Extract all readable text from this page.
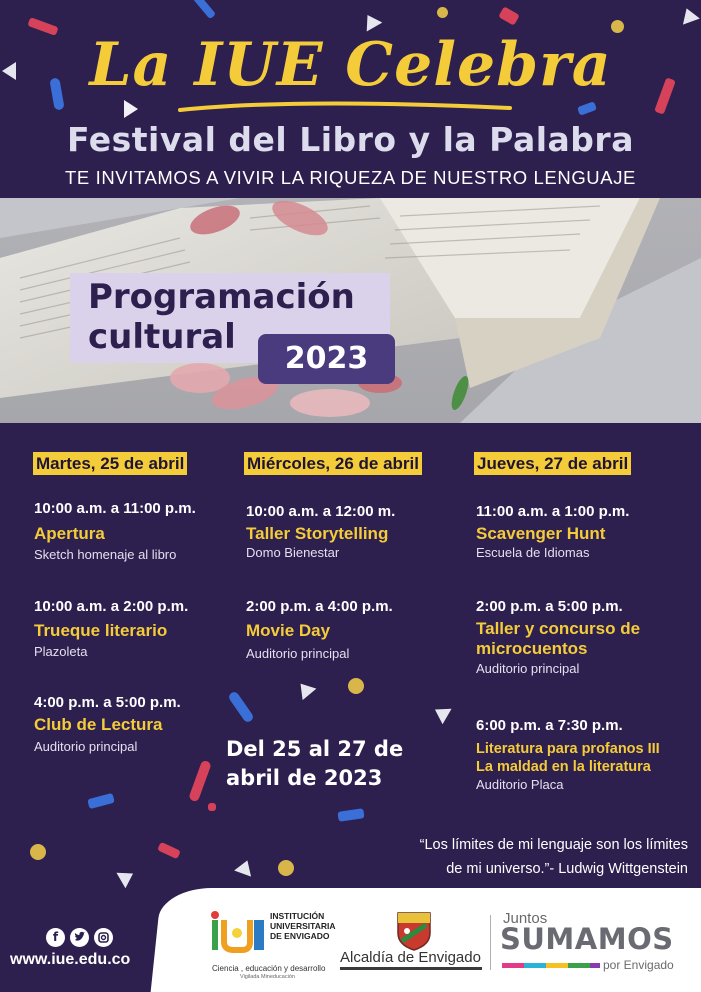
La IUE Celebra
Festival del Libro y la Palabra
TE INVITAMOS A VIVIR LA RIQUEZA DE NUESTRO LENGUAJE
Programación
cultural
2023
Martes, 25 de abril
10:00 a.m. a 11:00 p.m.
Apertura
Sketch homenaje al libro
10:00 a.m. a 2:00 p.m.
Trueque literario
Plazoleta
4:00 p.m. a 5:00 p.m.
Club de Lectura
Auditorio principal
Miércoles, 26 de abril
10:00 a.m. a 12:00 m.
Taller Storytelling
Domo Bienestar
2:00 p.m. a 4:00 p.m.
Movie Day
Auditorio principal
Jueves, 27 de abril
11:00 a.m. a 1:00 p.m.
Scavenger Hunt
Escuela de Idiomas
2:00 p.m. a 5:00 p.m.
Taller y concurso de
microcuentos
Auditorio principal
6:00 p.m. a 7:30 p.m.
Literatura para profanos III
La maldad en la literatura
Auditorio Placa
Del 25 al 27 de
abril de 2023
“Los límites de mi lenguaje son los límites
de mi universo.”- Ludwig Wittgenstein
f
www.iue.edu.co
INSTITUCIÓN
UNIVERSITARIA
DE ENVIGADO
Ciencia , educación y desarrollo
Vigilada Mineducación
Alcaldía de Envigado
Juntos
SUMAMOS
por Envigado
